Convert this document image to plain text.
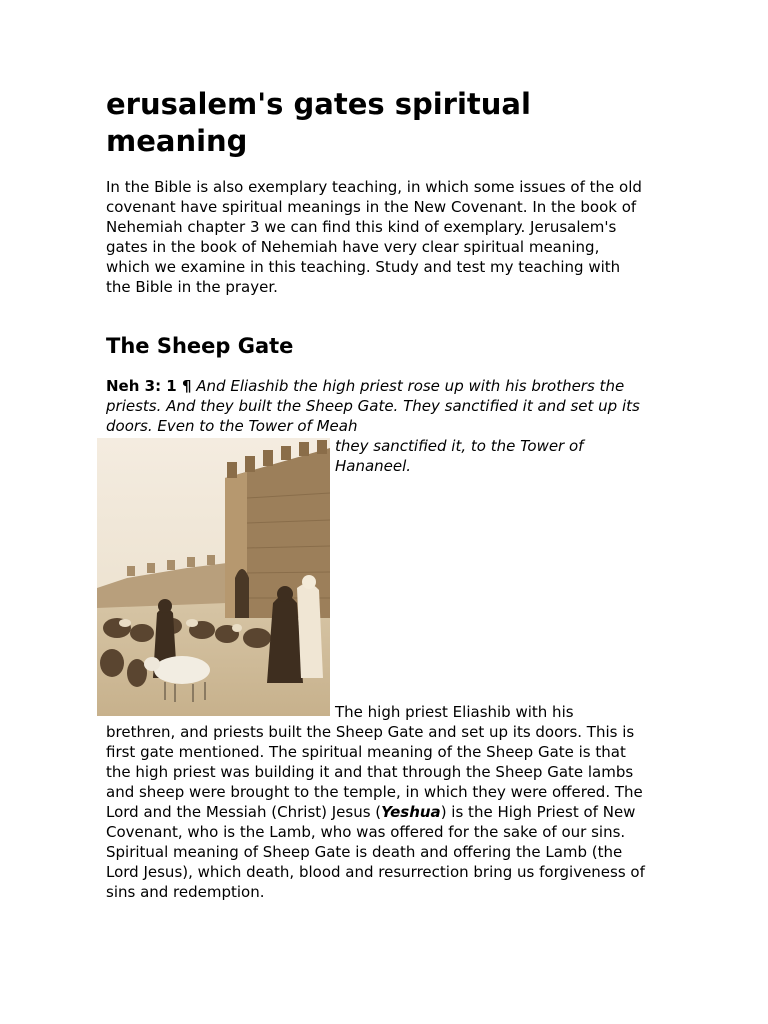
erusalem's gates spiritual meaning

In the Bible is also exemplary teaching, in which some issues of the old covenant have spiritual meanings in the New Covenant. In the book of Nehemiah chapter 3 we can find this kind of exemplary. Jerusalem's gates in the book of Nehemiah have very clear spiritual meaning, which we examine in this teaching. Study and test my teaching with the Bible in the prayer.

The Sheep Gate

Neh 3: 1 ¶ And Eliashib the high priest rose up with his brothers the priests. And they built the Sheep Gate. They sanctified it and set up its doors. Even to the Tower of Meah

they sanctified it, to the Tower of Hananeel.

The high priest Eliashib with his

brethren, and priests built the Sheep Gate and set up its doors. This is first gate mentioned. The spiritual meaning of the Sheep Gate is that the high priest was building it and that through the Sheep Gate lambs and sheep were brought to the temple, in which they were offered. The Lord and the Messiah (Christ) Jesus (Yeshua) is the High Priest of New Covenant, who is the Lamb, who was offered for the sake of our sins. Spiritual meaning of Sheep Gate is death and offering the Lamb (the Lord Jesus), which death, blood and resurrection bring us forgiveness of sins and redemption.
